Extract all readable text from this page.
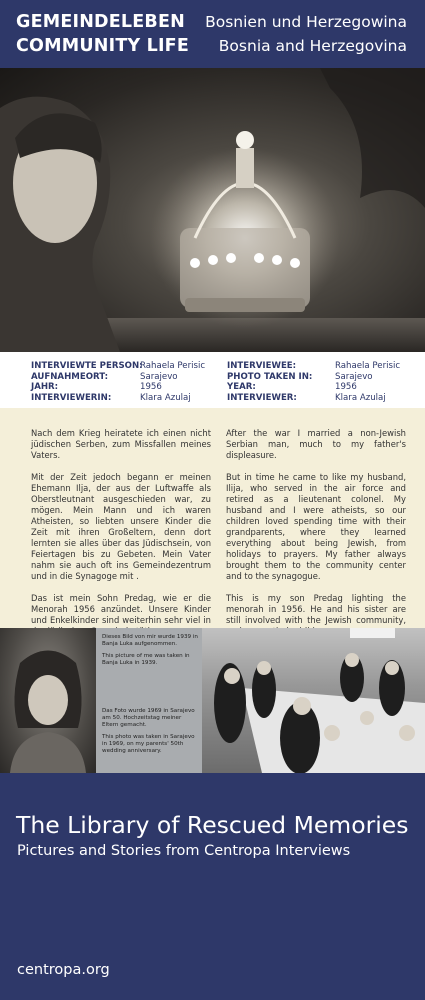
GEMEINDELEBEN
COMMUNITY LIFE
Bosnien und Herzegowina
Bosnia and Herzegovina
INTERVIEWTE PERSON:
AUFNAHMEORT:
JAHR:
INTERVIEWERIN:
Rahaela Perisic
Sarajevo
1956
Klara Azulaj
INTERVIEWEE:
PHOTO TAKEN IN:
YEAR:
INTERVIEWER:
Rahaela Perisic
Sarajevo
1956
Klara Azulaj

Nach dem Krieg heiratete ich einen nicht jüdischen Serben, zum Missfallen meines Vaters.

Mit der Zeit jedoch begann er meinen Ehemann Ilja, der aus der Luftwaffe als Oberstleutnant ausgeschieden war, zu mögen. Mein Mann und ich waren Atheisten, so liebten unsere Kinder die Zeit mit ihren Großeltern, denn dort lernten sie alles über das Jüdischsein, von Feiertagen bis zu Gebeten. Mein Vater nahm sie auch oft ins Gemeindezentrum und in die Synagoge mit .

Das ist mein Sohn Predag, wie er die Menorah 1956 anzündet. Unsere Kinder und Enkelkinder sind weiterhin sehr viel in

After the war I married a non-Jewish Serbian man, much to my father's displeasure.

But in time he came to like my husband, Ilija, who served in the air force and retired as a lieutenant colonel. My husband and I were atheists, so our children loved spending time with their grandparents, where they learned everything about being Jewish, from holidays to prayers. My father always brought them to the community center and to the synagogue.

This is my son Predag lighting the menorah in 1956. He and his sister are still involved with the Jewish community,

Dieses Bild von mir wurde 1939 in Banja Luka aufgenommen.
This picture of me was taken in Banja Luka in 1939.
Das Foto wurde 1969 in Sarajevo am 50. Hochzeitstag meiner Eltern gemacht.
This photo was taken in Sarajevo in 1969, on my parents' 50th wedding anniversary.
The Library of Rescued Memories
Pictures and Stories from Centropa Interviews
centropa.org
